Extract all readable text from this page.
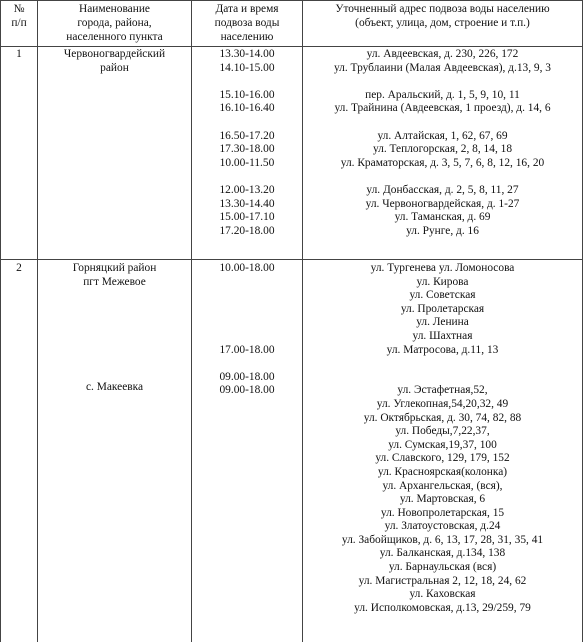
№
п/п
Наименование
города, района,
населенного пункта
Дата и время
подвоза воды
населению
Уточненный адрес подвоза воды населению
(объект, улица, дом, строение и т.п.)
1	Червоногвардейский
район
13.30-14.00
14.10-15.00
15.10-16.00
16.10-16.40
16.50-17.20
17.30-18.00
10.00-11.50
12.00-13.20
13.30-14.40
15.00-17.10
17.20-18.00
ул. Авдеевская, д. 230, 226, 172
ул. Трублаини (Малая Авдеевская), д.13, 9, 3
пер. Аральский, д. 1, 5, 9, 10, 11
ул. Трайнина (Авдеевская, 1 проезд), д. 14, 6
ул. Алтайская, 1, 62, 67, 69
ул. Теплогорская, 2, 8, 14, 18
ул. Краматорская, д. 3, 5, 7, 6, 8, 12, 16, 20
ул. Донбасская, д. 2, 5, 8, 11, 27
ул. Червоногвардейская, д. 1-27
ул. Таманская, д. 69
ул. Рунге, д. 16
2	Горняцкий район
пгт Межевое
с. Макеевка
10.00-18.00
17.00-18.00
09.00-18.00
09.00-18.00
ул. Тургенева ул. Ломоносова
ул. Кирова
ул. Советская
ул. Пролетарская
ул. Ленина
ул. Шахтная
ул. Матросова, д.11, 13
ул. Эстафетная,52,
ул. Углекопная,54,20,32, 49
ул. Октябрьская, д. 30, 74, 82, 88
ул. Победы,7,22,37,
ул. Сумская,19,37, 100
ул. Славского, 129, 179, 152
ул. Красноярская(колонка)
ул. Архангельская, (вся),
ул. Мартовская, 6
ул. Новопролетарская, 15
ул. Златоустовская, д.24
ул. Забойщиков, д. 6, 13, 17, 28, 31, 35, 41
ул. Балканская, д.134, 138
ул. Барнаульская (вся)
ул. Магистральная 2, 12, 18, 24, 62
ул. Каховская
ул. Исполкомовская, д.13, 29/259, 79
